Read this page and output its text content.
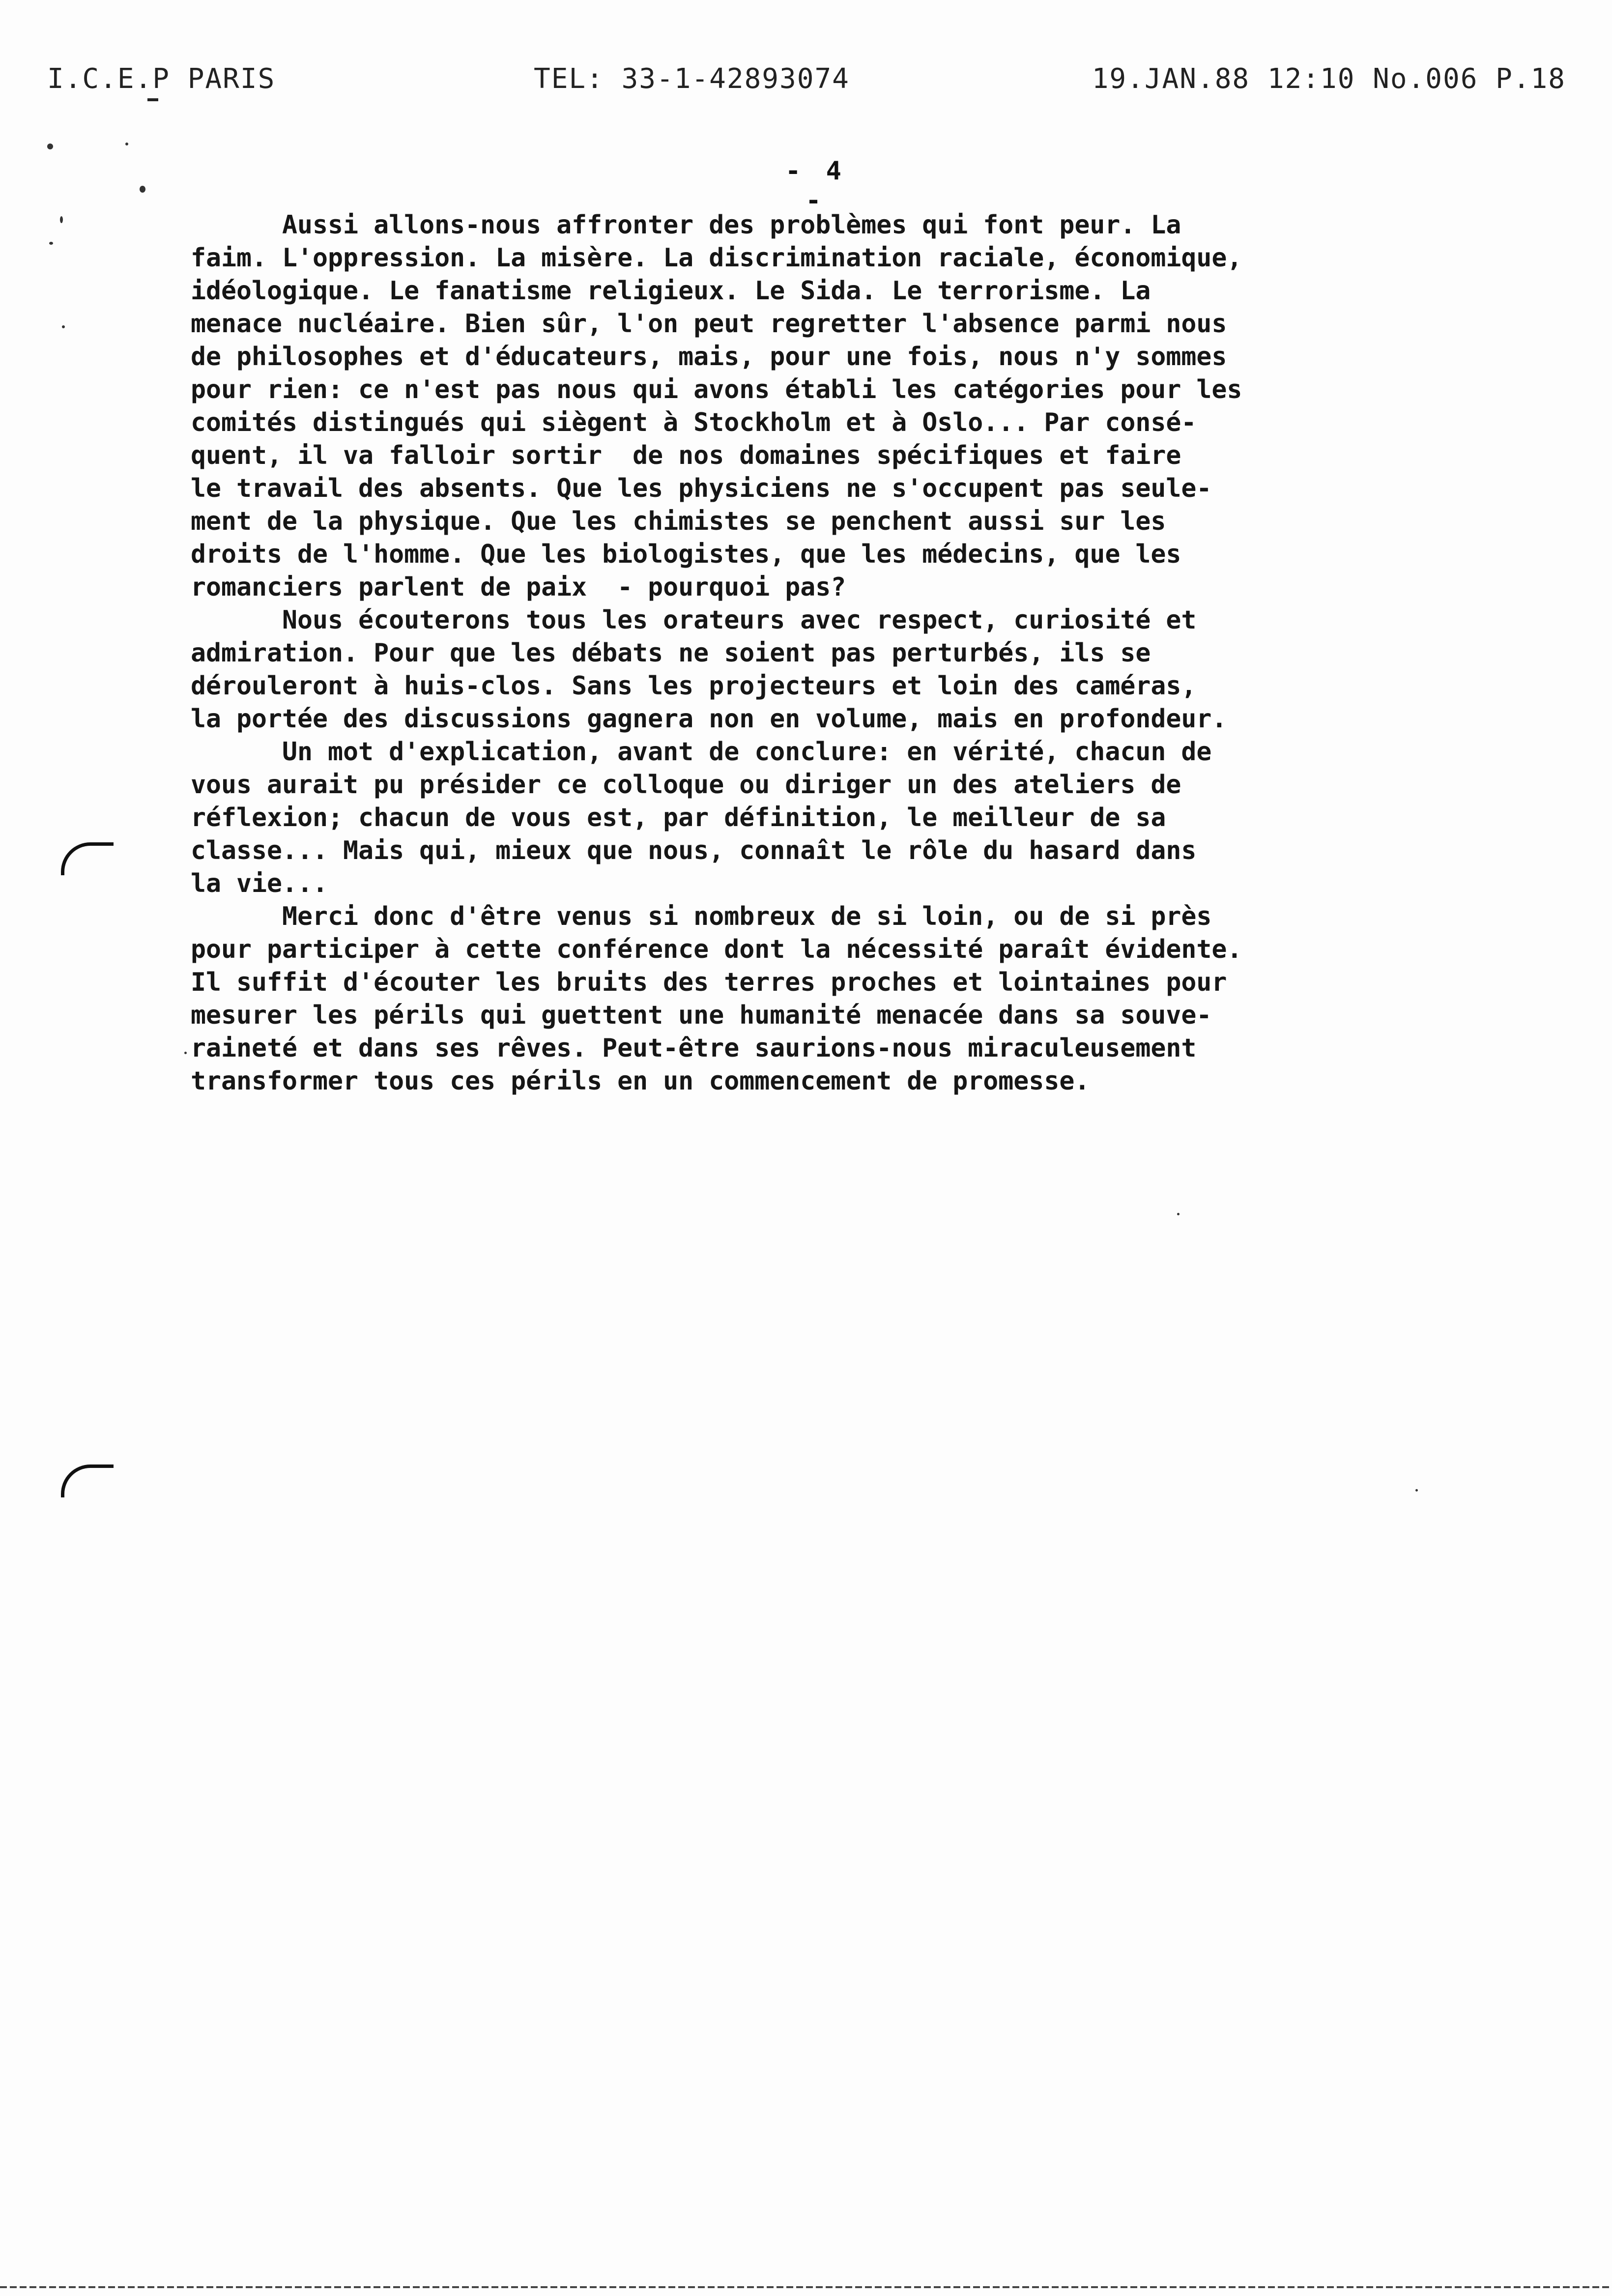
I.C.E.P PARIS	TEL: 33-1-42893074	19.JAN.88 12:10 No.006 P.18
- 4 -
Aussi allons-nous affronter des problèmes qui font peur. La
faim. L'oppression. La misère. La discrimination raciale, économique,
idéologique. Le fanatisme religieux. Le Sida. Le terrorisme. La
menace nucléaire. Bien sûr, l'on peut regretter l'absence parmi nous
de philosophes et d'éducateurs, mais, pour une fois, nous n'y sommes
pour rien: ce n'est pas nous qui avons établi les catégories pour les
comités distingués qui siègent à Stockholm et à Oslo... Par consé-
quent, il va falloir sortir  de nos domaines spécifiques et faire
le travail des absents. Que les physiciens ne s'occupent pas seule-
ment de la physique. Que les chimistes se penchent aussi sur les
droits de l'homme. Que les biologistes, que les médecins, que les
romanciers parlent de paix  - pourquoi pas?
Nous écouterons tous les orateurs avec respect, curiosité et
admiration. Pour que les débats ne soient pas perturbés, ils se
dérouleront à huis-clos. Sans les projecteurs et loin des caméras,
la portée des discussions gagnera non en volume, mais en profondeur.
Un mot d'explication, avant de conclure: en vérité, chacun de
vous aurait pu présider ce colloque ou diriger un des ateliers de
réflexion; chacun de vous est, par définition, le meilleur de sa
classe... Mais qui, mieux que nous, connaît le rôle du hasard dans
la vie...
Merci donc d'être venus si nombreux de si loin, ou de si près
pour participer à cette conférence dont la nécessité paraît évidente.
Il suffit d'écouter les bruits des terres proches et lointaines pour
mesurer les périls qui guettent une humanité menacée dans sa souve-
raineté et dans ses rêves. Peut-être saurions-nous miraculeusement
transformer tous ces périls en un commencement de promesse.
